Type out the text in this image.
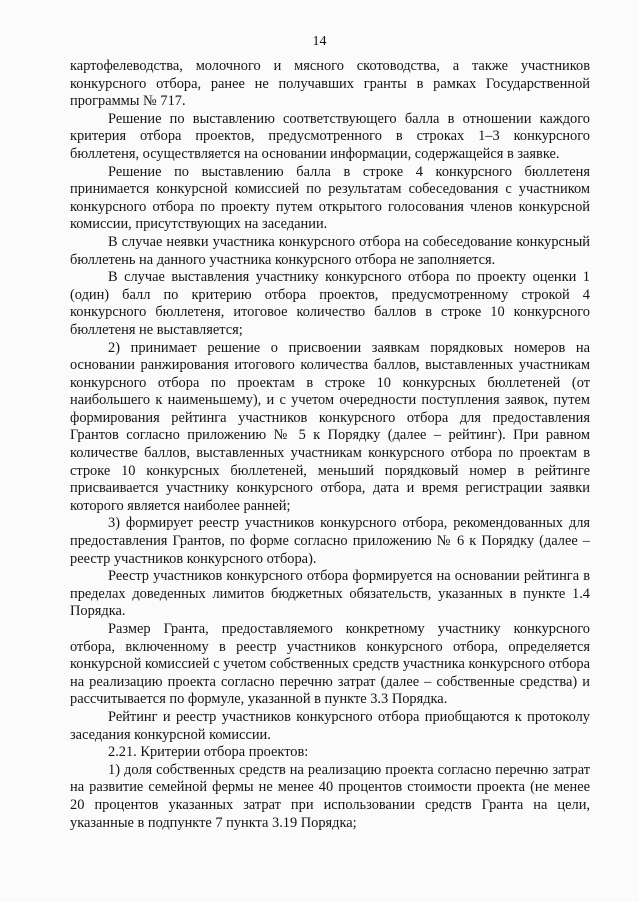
14

картофелеводства, молочного и мясного скотоводства, а также участников конкурсного отбора, ранее не получавших гранты в рамках Государственной программы № 717.

Решение по выставлению соответствующего балла в отношении каждого критерия отбора проектов, предусмотренного в строках 1–3 конкурсного бюллетеня, осуществляется на основании информации, содержащейся в заявке.

Решение по выставлению балла в строке 4 конкурсного бюллетеня принимается конкурсной комиссией по результатам собеседования с участником конкурсного отбора по проекту путем открытого голосования членов конкурсной комиссии, присутствующих на заседании.

В случае неявки участника конкурсного отбора на собеседование конкурсный бюллетень на данного участника конкурсного отбора не заполняется.

В случае выставления участнику конкурсного отбора по проекту оценки 1 (один) балл по критерию отбора проектов, предусмотренному строкой 4 конкурсного бюллетеня, итоговое количество баллов в строке 10 конкурсного бюллетеня не выставляется;

2) принимает решение о присвоении заявкам порядковых номеров на основании ранжирования итогового количества баллов, выставленных участникам конкурсного отбора по проектам в строке 10 конкурсных бюллетеней (от наибольшего к наименьшему), и с учетом очередности поступления заявок, путем формирования рейтинга участников конкурсного отбора для предоставления Грантов согласно приложению № 5 к Порядку (далее – рейтинг). При равном количестве баллов, выставленных участникам конкурсного отбора по проектам в строке 10 конкурсных бюллетеней, меньший порядковый номер в рейтинге присваивается участнику конкурсного отбора, дата и время регистрации заявки которого является наиболее ранней;

3) формирует реестр участников конкурсного отбора, рекомендованных для предоставления Грантов, по форме согласно приложению № 6 к Порядку (далее – реестр участников конкурсного отбора).

Реестр участников конкурсного отбора формируется на основании рейтинга в пределах доведенных лимитов бюджетных обязательств, указанных в пункте 1.4 Порядка.

Размер Гранта, предоставляемого конкретному участнику конкурсного отбора, включенному в реестр участников конкурсного отбора, определяется конкурсной комиссией с учетом собственных средств участника конкурсного отбора на реализацию проекта согласно перечню затрат (далее – собственные средства) и рассчитывается по формуле, указанной в пункте 3.3 Порядка.

Рейтинг и реестр участников конкурсного отбора приобщаются к протоколу заседания конкурсной комиссии.

2.21. Критерии отбора проектов:

1) доля собственных средств на реализацию проекта согласно перечню затрат на развитие семейной фермы не менее 40 процентов стоимости проекта (не менее 20 процентов указанных затрат при использовании средств Гранта на цели, указанные в подпункте 7 пункта 3.19 Порядка;
